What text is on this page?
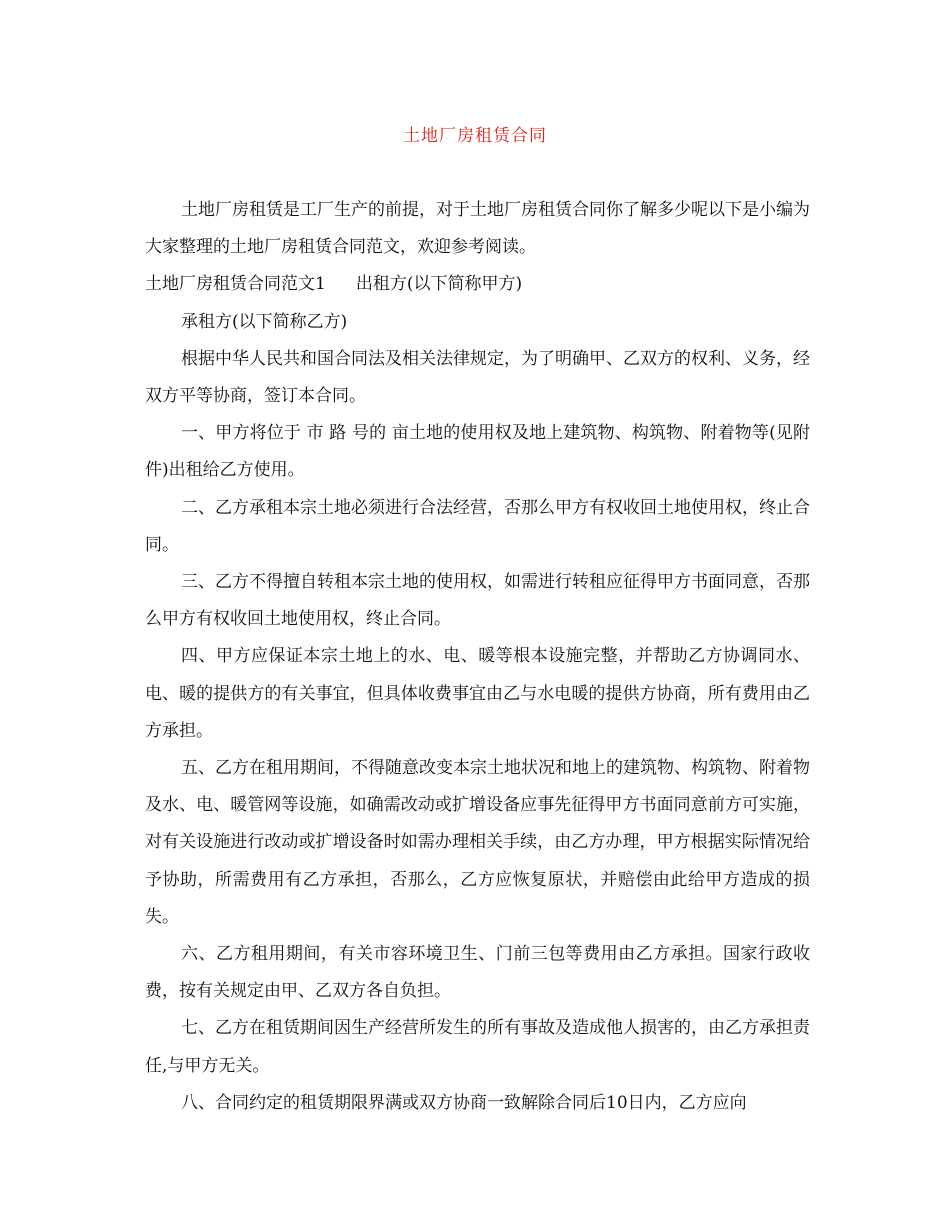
土地厂房租赁合同

土地厂房租赁是工厂生产的前提，对于土地厂房租赁合同你了解多少呢以下是小编为大家整理的土地厂房租赁合同范文，欢迎参考阅读。

土地厂房租赁合同范文1 出租方(以下简称甲方)

承租方(以下简称乙方)

根据中华人民共和国合同法及相关法律规定，为了明确甲、乙双方的权利、义务，经双方平等协商，签订本合同。

一、甲方将位于 市 路 号的 亩土地的使用权及地上建筑物、构筑物、附着物等(见附件)出租给乙方使用。

二、乙方承租本宗土地必须进行合法经营，否那么甲方有权收回土地使用权，终止合同。

三、乙方不得擅自转租本宗土地的使用权，如需进行转租应征得甲方书面同意，否那么甲方有权收回土地使用权，终止合同。

四、甲方应保证本宗土地上的水、电、暖等根本设施完整，并帮助乙方协调同水、电、暖的提供方的有关事宜，但具体收费事宜由乙与水电暖的提供方协商，所有费用由乙方承担。

五、乙方在租用期间，不得随意改变本宗土地状况和地上的建筑物、构筑物、附着物及水、电、暖管网等设施，如确需改动或扩增设备应事先征得甲方书面同意前方可实施，对有关设施进行改动或扩增设备时如需办理相关手续，由乙方办理，甲方根据实际情况给予协助，所需费用有乙方承担，否那么，乙方应恢复原状，并赔偿由此给甲方造成的损失。

六、乙方租用期间，有关市容环境卫生、门前三包等费用由乙方承担。国家行政收费，按有关规定由甲、乙双方各自负担。

七、乙方在租赁期间因生产经营所发生的所有事故及造成他人损害的，由乙方承担责任,与甲方无关。

八、合同约定的租赁期限界满或双方协商一致解除合同后10日内，乙方应向
